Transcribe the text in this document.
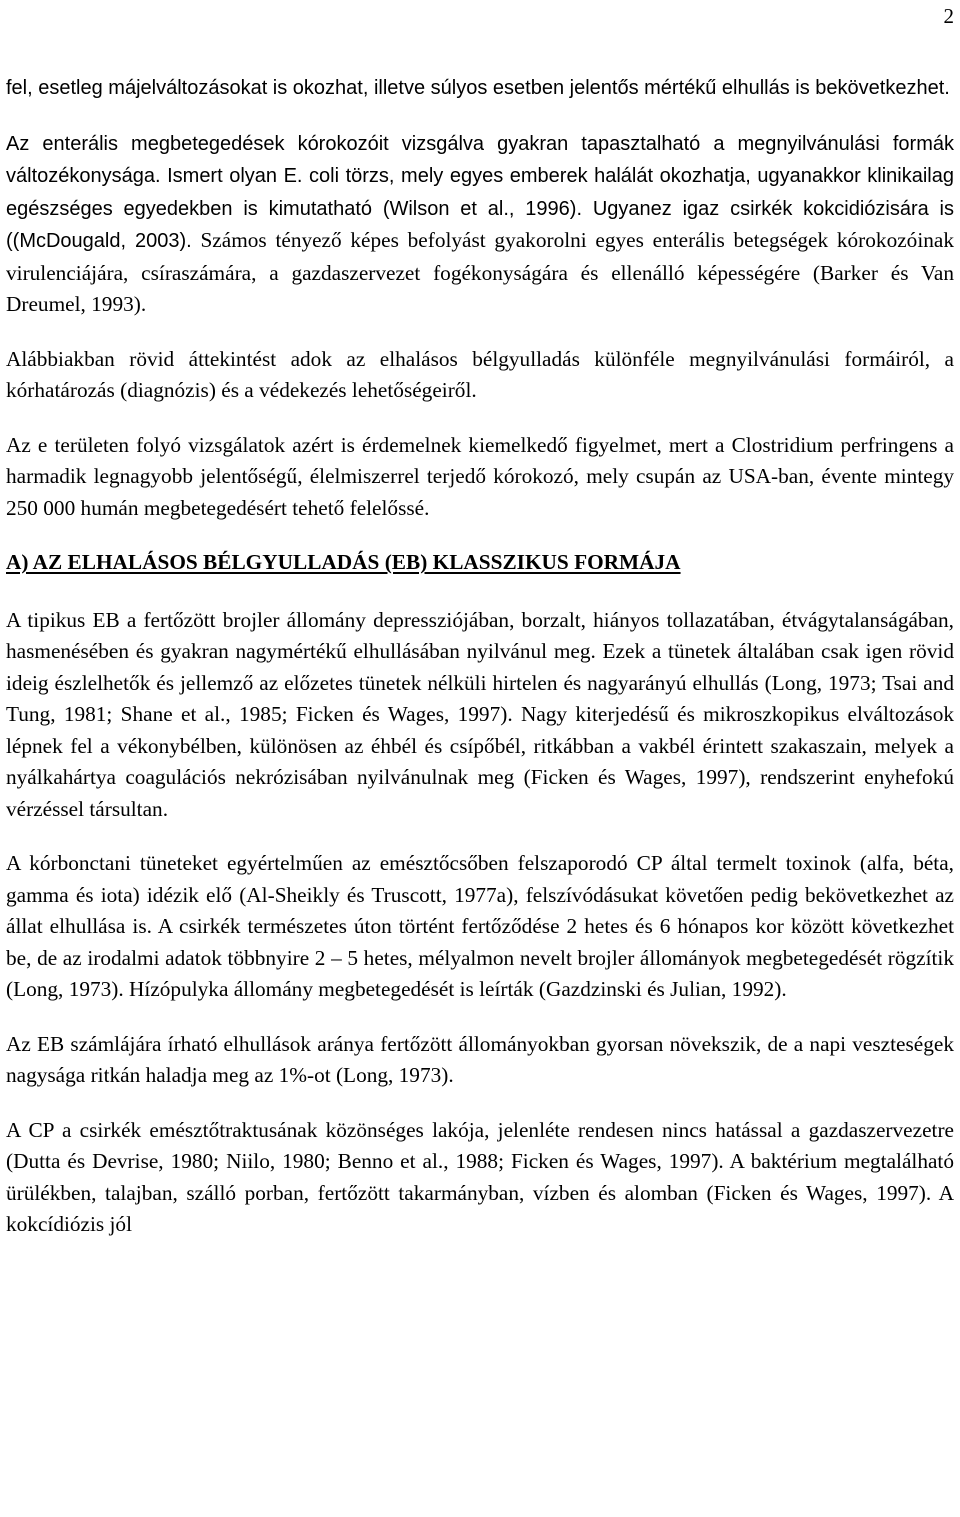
2

fel, esetleg májelváltozásokat is okozhat, illetve súlyos esetben jelentős mértékű elhullás is bekövetkezhet.

Az enterális megbetegedések kórokozóit vizsgálva gyakran tapasztalható a megnyilvánulási formák változékonysága. Ismert olyan E. coli törzs, mely egyes emberek halálát okozhatja, ugyanakkor klinikailag egészséges egyedekben is kimutatható (Wilson et al., 1996). Ugyanez igaz csirkék kokcidiózisára is ((McDougald, 2003). Számos tényező képes befolyást gyakorolni egyes enterális betegségek kórokozóinak virulenciájára, csíraszámára, a gazdaszervezet fogékonyságára és ellenálló képességére (Barker és Van Dreumel, 1993).

Alábbiakban rövid áttekintést adok az elhalásos bélgyulladás különféle megnyilvánulási formáiról, a kórhatározás (diagnózis) és a védekezés lehetőségeiről.

Az e területen folyó vizsgálatok azért is érdemelnek kiemelkedő figyelmet, mert a Clostridium perfringens a harmadik legnagyobb jelentőségű, élelmiszerrel terjedő kórokozó, mely csupán az USA-ban, évente mintegy 250 000 humán megbetegedésért tehető felelőssé.

A) AZ ELHALÁSOS BÉLGYULLADÁS (EB) KLASSZIKUS FORMÁJA

A tipikus EB a fertőzött brojler állomány depressziójában, borzalt, hiányos tollazatában, étvágytalanságában, hasmenésében és gyakran nagymértékű elhullásában nyilvánul meg. Ezek a tünetek általában csak igen rövid ideig észlelhetők és jellemző az előzetes tünetek nélküli hirtelen és nagyarányú elhullás (Long, 1973; Tsai and Tung, 1981; Shane et al., 1985; Ficken és Wages, 1997). Nagy kiterjedésű és mikroszkopikus elváltozások lépnek fel a vékonybélben, különösen az éhbél és csípőbél, ritkábban a vakbél érintett szakaszain, melyek a nyálkahártya coagulációs nekrózisában nyilvánulnak meg (Ficken és Wages, 1997), rendszerint enyhefokú vérzéssel társultan.

A kórbonctani tüneteket egyértelműen az emésztőcsőben felszaporodó CP által termelt toxinok (alfa, béta, gamma és iota) idézik elő (Al-Sheikly és Truscott, 1977a), felszívódásukat követően pedig bekövetkezhet az állat elhullása is. A csirkék természetes úton történt fertőződése 2 hetes és 6 hónapos kor között következhet be, de az irodalmi adatok többnyire 2 – 5 hetes, mélyalmon nevelt brojler állományok megbetegedését rögzítik (Long, 1973). Hízópulyka állomány megbetegedését is leírták (Gazdzinski és Julian, 1992).

Az EB számlájára írható elhullások aránya fertőzött állományokban gyorsan növekszik, de a napi veszteségek nagysága ritkán haladja meg az 1%-ot (Long, 1973).

A CP a csirkék emésztőtraktusának közönséges lakója, jelenléte rendesen nincs hatással a gazdaszervezetre (Dutta és Devrise, 1980; Niilo, 1980; Benno et al., 1988; Ficken és Wages, 1997). A baktérium megtalálható ürülékben, talajban, szálló porban, fertőzött takarmányban, vízben és alomban (Ficken és Wages, 1997). A kokcídiózis jól
